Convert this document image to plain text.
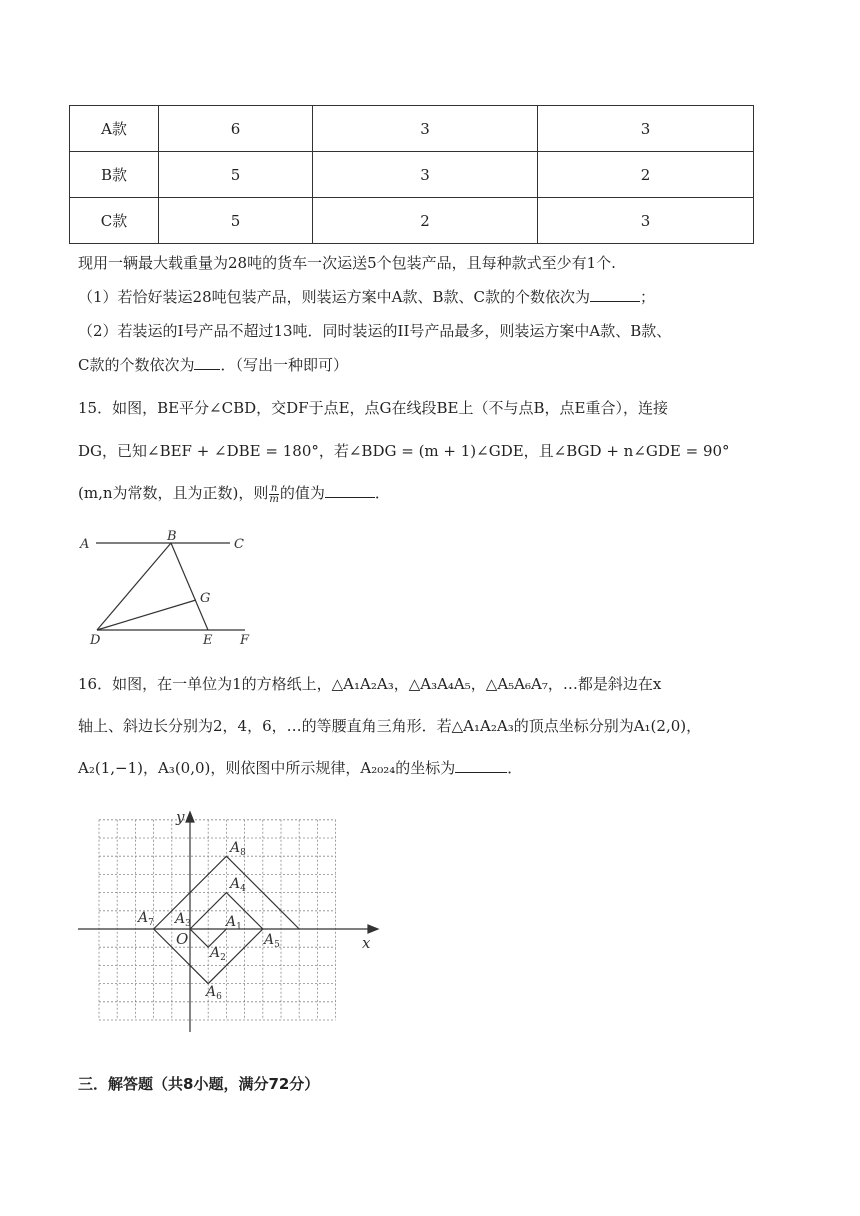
A款	6	3	3
B款	5	3	2
C款	5	2	3
现用一辆最大载重量为28吨的货车一次运送5个包装产品，且每种款式至少有1个.
（1）若恰好装运28吨包装产品，则装运方案中A款、B款、C款的个数依次为	；
（2）若装运的I号产品不超过13吨．同时装运的II号产品最多，则装运方案中A款、B款、
C款的个数依次为 ．（写出一种即可）
15．如图，BE平分∠CBD，交DF于点E，点G在线段BE上（不与点B，点E重合），连接
DG，已知∠BEF + ∠DBE = 180°，若∠BDG = (m + 1)∠GDE，且∠BGD + n∠GDE = 90°
(m,n为常数，且为正数)，则 $\frac{n}{m}$ 的值为	．
A
B
C
D	E F
G
16．如图，在一单位为1的方格纸上，△A₁A₂A₃，△A₃A₄A₅，△A₅A₆A₇，…都是斜边在x
轴上、斜边长分别为2，4，6，…的等腰直角三角形．若△A₁A₂A₃的顶点坐标分别为A₁(2,0)，
A₂(1,−1)，A₃(0,0)，则依图中所示规律，A₂₀₂₄的坐标为	．
y
x
O
$A_1$
$A_2$
$A_3$
$A_4$
$A_5$
$A_6$
$A_7$
$A_8$
三．解答题（共8小题，满分72分）
